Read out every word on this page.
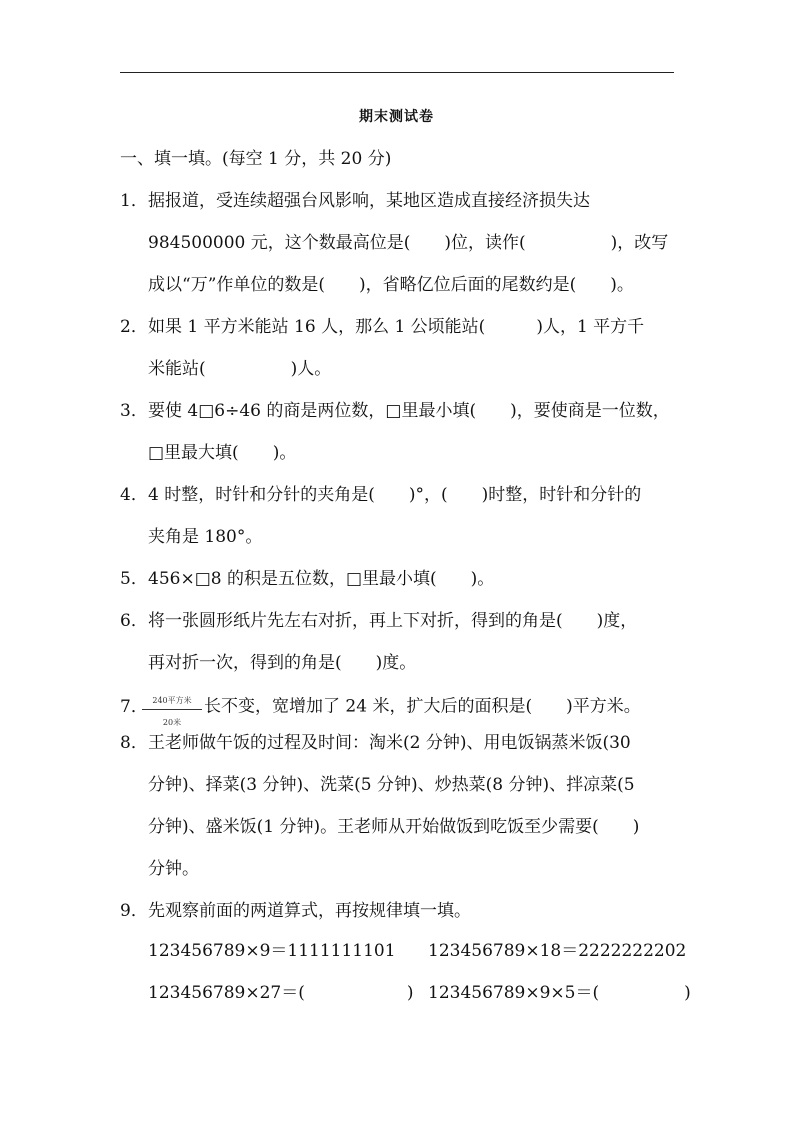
期末测试卷
一、填一填。(每空 1 分，共 20 分)
1．据报道，受连续超强台风影响，某地区造成直接经济损失达
984500000 元，这个数最高位是(　　)位，读作(　　　　　)，改写
成以“万”作单位的数是(　　)，省略亿位后面的尾数约是(　　)。
2．如果 1 平方米能站 16 人，那么 1 公顷能站(　　　)人，1 平方千
米能站(　　　　　)人。
3．要使 4□6÷46 的商是两位数，□里最小填(　　)，要使商是一位数，
□里最大填(　　)。
4．4 时整，时针和分针的夹角是(　　)°，(　　)时整，时针和分针的
夹角是 180°。
5．456×□8 的积是五位数，□里最小填(　　)。
6．将一张圆形纸片先左右对折，再上下对折，得到的角是(　　)度，
再对折一次，得到的角是(　　)度。
7． 240平方米
20米
长不变，宽增加了 24 米，扩大后的面积是(　　)平方米。
8．王老师做午饭的过程及时间：淘米(2 分钟)、用电饭锅蒸米饭(30
分钟)、择菜(3 分钟)、洗菜(5 分钟)、炒热菜(8 分钟)、拌凉菜(5
分钟)、盛米饭(1 分钟)。王老师从开始做饭到吃饭至少需要(　　)
分钟。
9．先观察前面的两道算式，再按规律填一填。
123456789×9＝1111111101 123456789×18＝2222222202
123456789×27＝(　　　　　　) 123456789×9×5＝(　　　　　)
